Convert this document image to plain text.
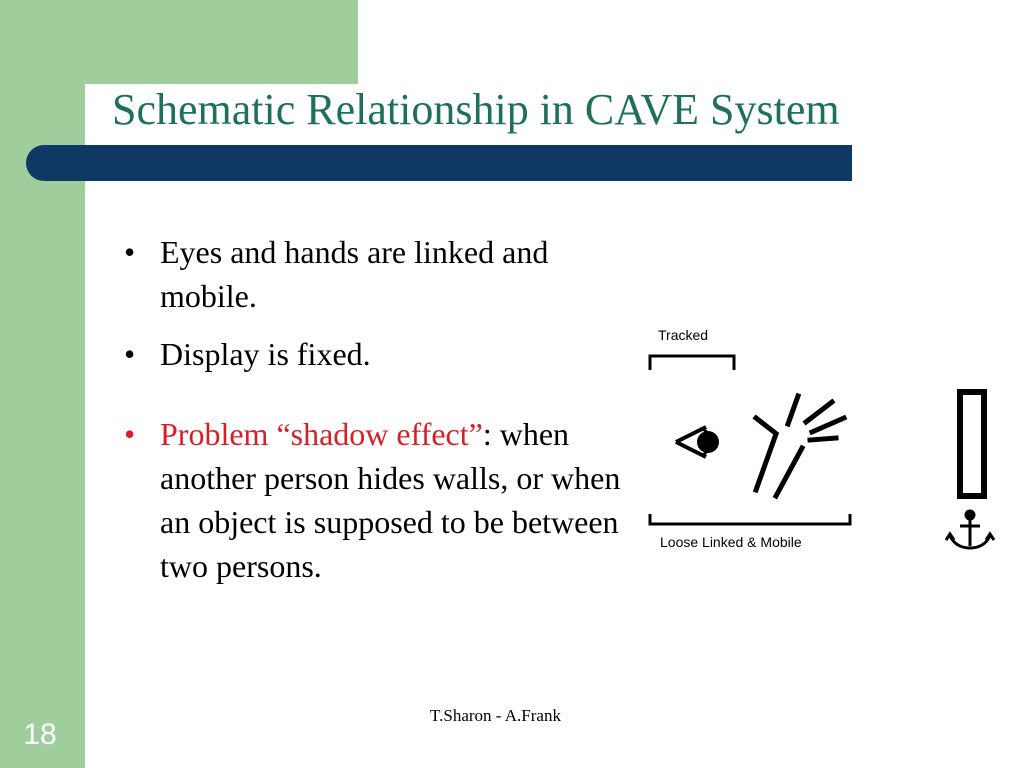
Schematic Relationship in CAVE System
• Eyes and hands are linked and mobile.
• Display is fixed.
• Problem “shadow effect”: when another person hides walls, or when an object is supposed to be between two persons.
Tracked
Loose Linked & Mobile
18
T.Sharon - A.Frank
